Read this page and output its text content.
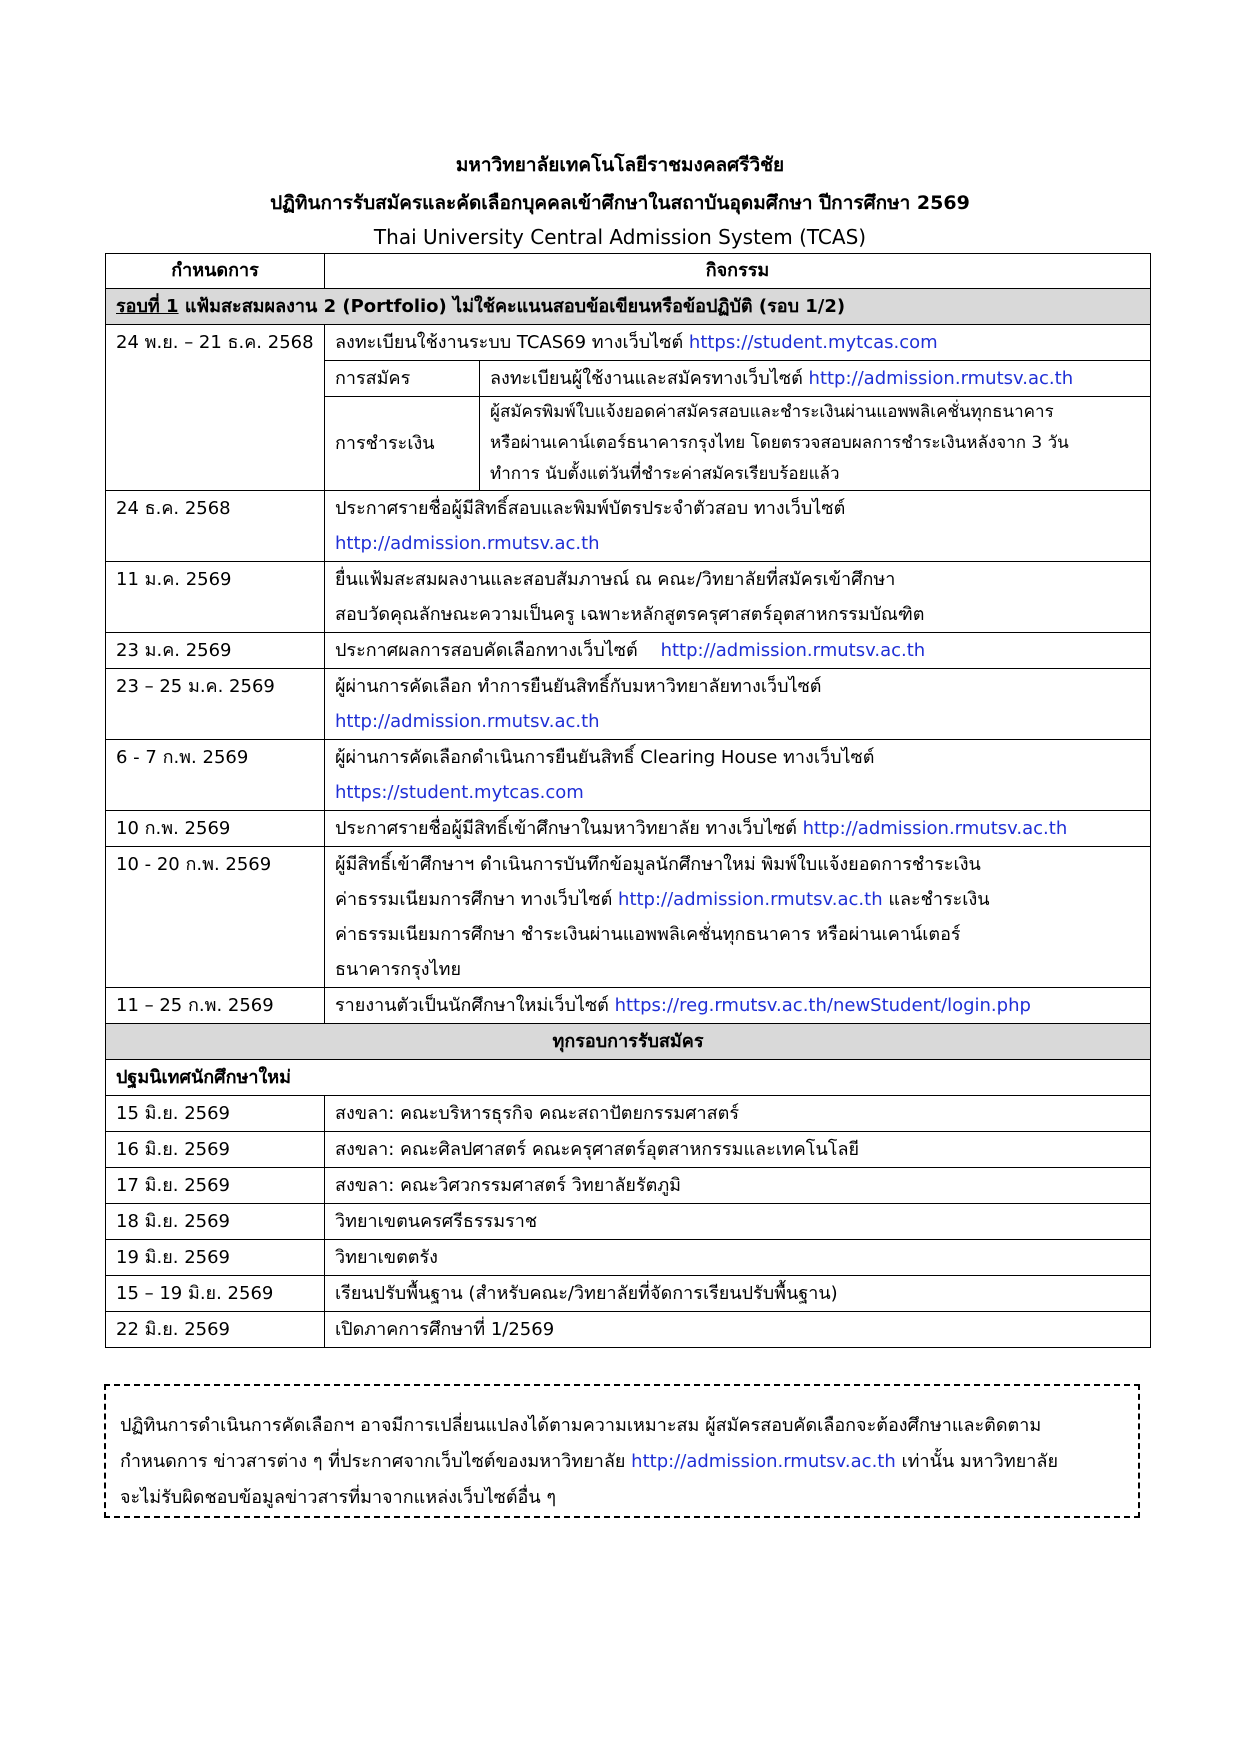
มหาวิทยาลัยเทคโนโลยีราชมงคลศรีวิชัย
ปฏิทินการรับสมัครและคัดเลือกบุคคลเข้าศึกษาในสถาบันอุดมศึกษา ปีการศึกษา 2569
Thai University Central Admission System (TCAS)
กำหนดการ	กิจกรรม	
รอบที่ 1 แฟ้มสะสมผลงาน 2 (Portfolio) ไม่ใช้คะแนนสอบข้อเขียนหรือข้อปฏิบัติ (รอบ 1/2)		
24 พ.ย. – 21 ธ.ค. 2568	ลงทะเบียนใช้งานระบบ TCAS69 ทางเว็บไซต์ https://student.mytcas.com	
	การสมัคร	ลงทะเบียนผู้ใช้งานและสมัครทางเว็บไซต์ http://admission.rmutsv.ac.th
	การชำระเงิน	ผู้สมัครพิมพ์ใบแจ้งยอดค่าสมัครสอบและชำระเงินผ่านแอพพลิเคชั่นทุกธนาคาร
หรือผ่านเคาน์เตอร์ธนาคารกรุงไทย โดยตรวจสอบผลการชำระเงินหลังจาก 3 วัน
ทำการ นับตั้งแต่วันที่ชำระค่าสมัครเรียบร้อยแล้ว

24 ธ.ค. 2568	ประกาศรายชื่อผู้มีสิทธิ์สอบและพิมพ์บัตรประจำตัวสอบ ทางเว็บไซต์
http://admission.rmutsv.ac.th	

11 ม.ค. 2569	ยื่นแฟ้มสะสมผลงานและสอบสัมภาษณ์ ณ คณะ/วิทยาลัยที่สมัครเข้าศึกษา
สอบวัดคุณลักษณะความเป็นครู เฉพาะหลักสูตรครุศาสตร์อุตสาหกรรมบัณฑิต	

23 ม.ค. 2569	ประกาศผลการสอบคัดเลือกทางเว็บไซต์    http://admission.rmutsv.ac.th	
23 – 25 ม.ค. 2569	ผู้ผ่านการคัดเลือก ทำการยืนยันสิทธิ์กับมหาวิทยาลัยทางเว็บไซต์
http://admission.rmutsv.ac.th	

6 - 7 ก.พ. 2569	ผู้ผ่านการคัดเลือกดำเนินการยืนยันสิทธิ์ Clearing House ทางเว็บไซต์
https://student.mytcas.com	

10 ก.พ. 2569	ประกาศรายชื่อผู้มีสิทธิ์เข้าศึกษาในมหาวิทยาลัย ทางเว็บไซต์ http://admission.rmutsv.ac.th	
10 - 20 ก.พ. 2569	ผู้มีสิทธิ์เข้าศึกษาฯ ดำเนินการบันทึกข้อมูลนักศึกษาใหม่ พิมพ์ใบแจ้งยอดการชำระเงิน
ค่าธรรมเนียมการศึกษา ทางเว็บไซต์ http://admission.rmutsv.ac.th และชำระเงิน
ค่าธรรมเนียมการศึกษา ชำระเงินผ่านแอพพลิเคชั่นทุกธนาคาร หรือผ่านเคาน์เตอร์
ธนาคารกรุงไทย	

11 – 25 ก.พ. 2569	รายงานตัวเป็นนักศึกษาใหม่เว็บไซต์ https://reg.rmutsv.ac.th/newStudent/login.php	
ทุกรอบการรับสมัคร		
ปฐมนิเทศนักศึกษาใหม่		
15 มิ.ย. 2569	สงขลา: คณะบริหารธุรกิจ คณะสถาปัตยกรรมศาสตร์	
16 มิ.ย. 2569	สงขลา: คณะศิลปศาสตร์ คณะครุศาสตร์อุตสาหกรรมและเทคโนโลยี	
17 มิ.ย. 2569	สงขลา: คณะวิศวกรรมศาสตร์ วิทยาลัยรัตภูมิ	
18 มิ.ย. 2569	วิทยาเขตนครศรีธรรมราช	
19 มิ.ย. 2569	วิทยาเขตตรัง	
15 – 19 มิ.ย. 2569	เรียนปรับพื้นฐาน (สำหรับคณะ/วิทยาลัยที่จัดการเรียนปรับพื้นฐาน)	
22 มิ.ย. 2569	เปิดภาคการศึกษาที่ 1/2569	
ปฏิทินการดำเนินการคัดเลือกฯ อาจมีการเปลี่ยนแปลงได้ตามความเหมาะสม ผู้สมัครสอบคัดเลือกจะต้องศึกษาและติดตาม
กำหนดการ ข่าวสารต่าง ๆ ที่ประกาศจากเว็บไซต์ของมหาวิทยาลัย http://admission.rmutsv.ac.th เท่านั้น มหาวิทยาลัย
จะไม่รับผิดชอบข้อมูลข่าวสารที่มาจากแหล่งเว็บไซต์อื่น ๆ
